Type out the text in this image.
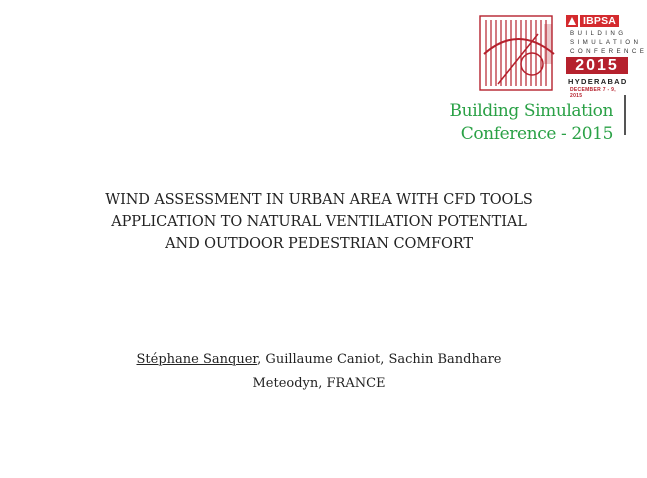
IBPSA
BUILDING
SIMULATION
CONFERENCE
2015
HYDERABAD
DECEMBER 7 - 9, 2015
Building Simulation
Conference - 2015
WIND ASSESSMENT IN URBAN AREA WITH CFD TOOLS
APPLICATION TO NATURAL VENTILATION POTENTIAL
AND OUTDOOR PEDESTRIAN COMFORT
Stéphane Sanquer, Guillaume Caniot, Sachin Bandhare
Meteodyn, FRANCE
